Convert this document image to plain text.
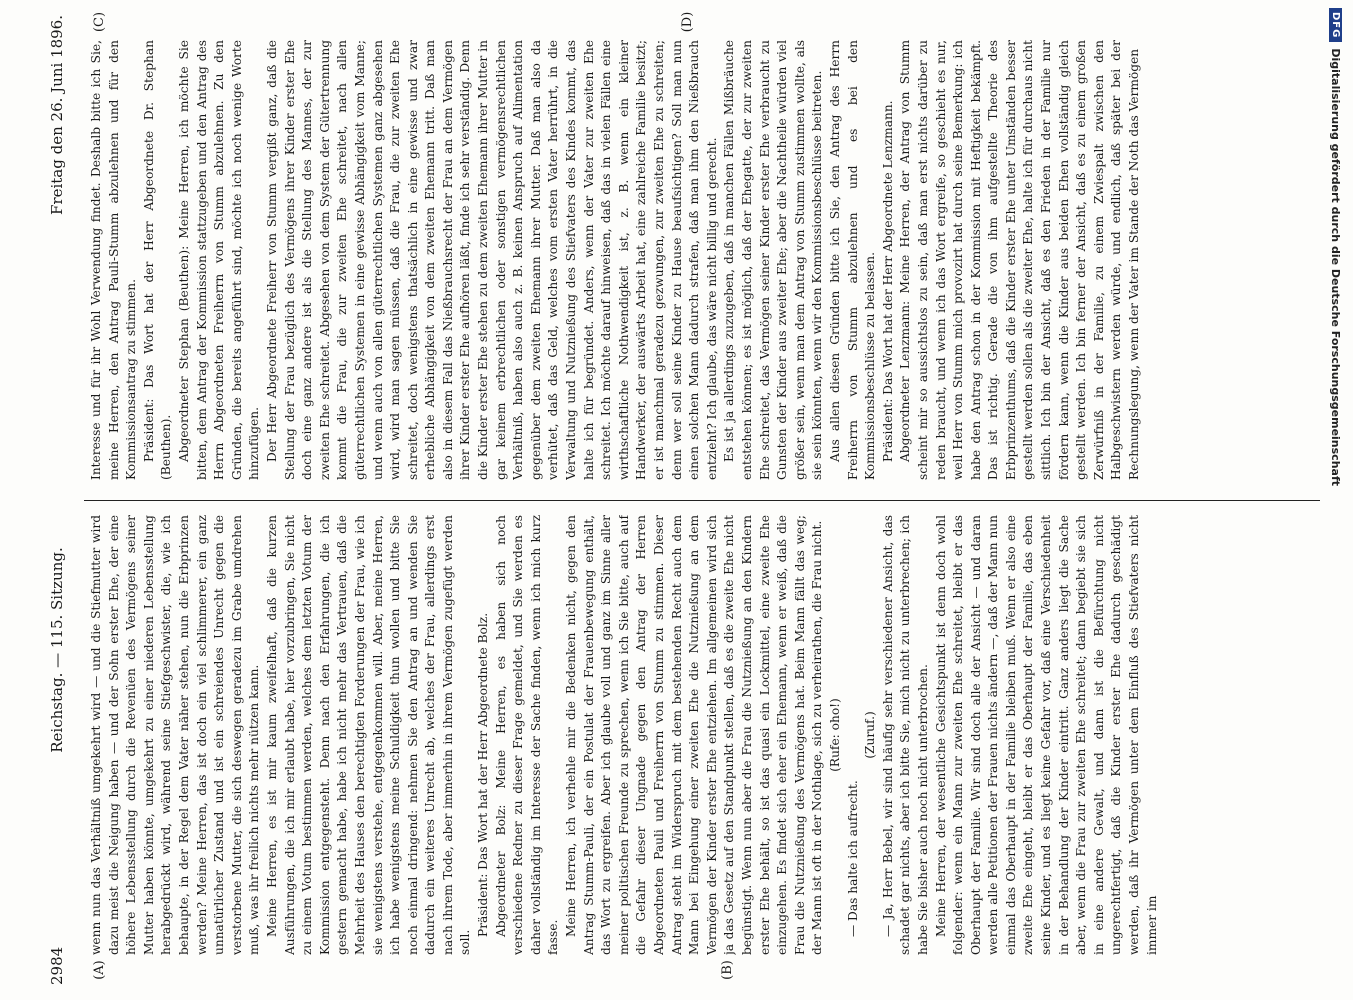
2984
Reichstag. — 115. Sitzung.
Freitag den 26. Juni 1896.
(A)	(B)
(C)	(D)

wenn nun das Verhältniß umgekehrt wird — und die Stiefmutter wird dazu meist die Neigung haben — und der Sohn erster Ehe, der eine höhere Lebensstellung durch die Revenüen des Vermögens seiner Mutter haben könnte, umgekehrt zu einer niederen Lebensstellung herabgedrückt wird, während seine Stiefgeschwister, die, wie ich behaupte, in der Regel dem Vater näher stehen, nun die Erbprinzen werden? Meine Herren, das ist doch ein viel schlimmerer, ein ganz unnatürlicher Zustand und ist ein schreiendes Unrecht gegen die verstorbene Mutter, die sich deswegen geradezu im Grabe umdrehen muß, was ihr freilich nichts mehr nützen kann. Meine Herren, es ist mir kaum zweifelhaft, daß die kurzen Ausführungen, die ich mir erlaubt habe, hier vorzubringen, Sie nicht zu einem Votum bestimmen werden, welches dem letzten Votum der Kommission entgegensteht. Denn nach den Erfahrungen, die ich gestern gemacht habe, habe ich nicht mehr das Vertrauen, daß die Mehrheit des Hauses den berechtigten Forderungen der Frau, wie ich sie wenigstens verstehe, entgegenkommen will. Aber, meine Herren, ich habe wenigstens meine Schuldigkeit thun wollen und bitte Sie noch einmal dringend: nehmen Sie den Antrag an und wenden Sie dadurch ein weiteres Unrecht ab, welches der Frau, allerdings erst nach ihrem Tode, aber immerhin in ihrem Vermögen zugefügt werden soll.

Präsident: Das Wort hat der Herr Abgeordnete Bolz. Abgeordneter Bolz: Meine Herren, es haben sich noch verschiedene Redner zu dieser Frage gemeldet, und Sie werden es daher vollständig im Interesse der Sache finden, wenn ich mich kurz fasse.

Meine Herren, ich verhehle mir die Bedenken nicht, gegen den Antrag Stumm-Pauli, der ein Postulat der Frauenbewegung enthält, das Wort zu ergreifen. Aber ich glaube voll und ganz im Sinne aller meiner politischen Freunde zu sprechen, wenn ich Sie bitte, auch auf die Gefahr dieser Ungnade gegen den Antrag der Herren Abgeordneten Pauli und Freiherrn von Stumm zu stimmen. Dieser Antrag steht im Widerspruch mit dem bestehenden Recht auch dem Mann bei Eingehung einer zweiten Ehe die Nutznießung an dem Vermögen der Kinder erster Ehe entziehen. Im allgemeinen wird sich ja das Gesetz auf den Standpunkt stellen, daß es die zweite Ehe nicht begünstigt. Wenn nun aber die Frau die Nutznießung an den Kindern erster Ehe behält, so ist das quasi ein Lockmittel, eine zweite Ehe einzugehen. Es findet sich eher ein Ehemann, wenn er weiß, daß die Frau die Nutznießung des Vermögens hat. Beim Mann fällt das weg; der Mann ist oft in der Nothlage, sich zu verheirathen, die Frau nicht. (Rufe: oho!)

— Das halte ich aufrecht.

(Zuruf.) — Ja, Herr Bebel, wir sind häufig sehr verschiedener Ansicht, das schadet gar nichts, aber ich bitte Sie, mich nicht zu unterbrechen; ich habe Sie bisher auch noch nicht unterbrochen. Meine Herren, der wesentliche Gesichtspunkt ist denn doch wohl folgender: wenn ein Mann zur zweiten Ehe schreitet, bleibt er das Oberhaupt der Familie. Wir sind doch alle der Ansicht — und daran werden alle Petitionen der Frauen nichts ändern —, daß der Mann nun einmal das Oberhaupt in der Familie bleiben muß. Wenn er also eine zweite Ehe eingeht, bleibt er das Oberhaupt der Familie, das eben seine Kinder, und es liegt keine Gefahr vor, daß eine Verschiedenheit in der Behandlung der Kinder eintritt. Ganz anders liegt die Sache aber, wenn die Frau zur zweiten Ehe schreitet; dann begiebt sie sich in eine andere Gewalt, und dann ist die Befürchtung nicht ungerechtfertigt, daß die Kinder erster Ehe dadurch geschädigt werden, daß ihr Vermögen unter dem Einfluß des Stiefvaters nicht immer im

Interesse und für ihr Wohl Verwendung findet. Deshalb bitte ich Sie, meine Herren, den Antrag Pauli-Stumm abzulehnen und für den Kommissionsantrag zu stimmen. Präsident: Das Wort hat der Herr Abgeordnete Dr. Stephan (Beuthen). Abgeordneter Stephan (Beuthen): Meine Herren, ich möchte Sie bitten, dem Antrag der Kommission stattzugeben und den Antrag des Herrn Abgeordneten Freiherrn von Stumm abzulehnen. Zu den Gründen, die bereits angeführt sind, möchte ich noch wenige Worte hinzufügen. Der Herr Abgeordnete Freiherr von Stumm vergißt ganz, daß die Stellung der Frau bezüglich des Vermögens ihrer Kinder erster Ehe doch eine ganz andere ist als die Stellung des Mannes, der zur zweiten Ehe schreitet. Abgesehen von dem System der Gütertrennung kommt die Frau, die zur zweiten Ehe schreitet, nach allen güterrechtlichen Systemen in eine gewisse Abhängigkeit vom Manne; und wenn auch von allen güterrechtlichen Systemen ganz abgesehen wird, wird man sagen müssen, daß die Frau, die zur zweiten Ehe schreitet, doch wenigstens thatsächlich in eine gewisse und zwar erhebliche Abhängigkeit von dem zweiten Ehemann tritt. Daß man also in diesem Fall das Nießbrauchsrecht der Frau an dem Vermögen ihrer Kinder erster Ehe aufhören läßt, finde ich sehr verständig. Denn die Kinder erster Ehe stehen zu dem zweiten Ehemann ihrer Mutter in gar keinem erbrechtlichen oder sonstigen vermögensrechtlichen Verhältniß, haben also auch z. B. keinen Anspruch auf Alimentation gegenüber dem zweiten Ehemann ihrer Mutter. Daß man also da verhütet, daß das Geld, welches vom ersten Vater herrührt, in die Verwaltung und Nutznießung des Stiefvaters des Kindes kommt, das halte ich für begründet. Anders, wenn der Vater zur zweiten Ehe schreitet. Ich möchte darauf hinweisen, daß das in vielen Fällen eine wirthschaftliche Nothwendigkeit ist, z. B. wenn ein kleiner Handwerker, der auswärts Arbeit hat, eine zahlreiche Familie besitzt; er ist manchmal geradezu gezwungen, zur zweiten Ehe zu schreiten; denn wer soll seine Kinder zu Hause beaufsichtigen? Soll man nun einen solchen Mann dadurch strafen, daß man ihm den Nießbrauch entzieht? Ich glaube, das wäre nicht billig und gerecht. Es ist ja allerdings zuzugeben, daß in manchen Fällen Mißbräuche entstehen können; es ist möglich, daß der Ehegatte, der zur zweiten Ehe schreitet, das Vermögen seiner Kinder erster Ehe verbraucht zu Gunsten der Kinder aus zweiter Ehe; aber die Nachtheile würden viel größer sein, wenn man dem Antrag von Stumm zustimmen wollte, als sie sein könnten, wenn wir den Kommissionsbeschlüsse beitreten. Aus allen diesen Gründen bitte ich Sie, den Antrag des Herrn Freiherrn von Stumm abzulehnen und es bei den Kommissionsbeschlüsse zu belassen. Präsident: Das Wort hat der Herr Abgeordnete Lenzmann. Abgeordneter Lenzmann: Meine Herren, der Antrag von Stumm scheint mir so aussichtslos zu sein, daß man erst nichts darüber zu reden braucht, und wenn ich das Wort ergreife, so geschieht es nur, weil Herr von Stumm mich provozirt hat durch seine Bemerkung: ich habe den Antrag schon in der Kommission mit Heftigkeit bekämpft. Das ist richtig. Gerade die von ihm aufgestellte Theorie des Erbprinzenthums, daß die Kinder erster Ehe unter Umständen besser gestellt werden sollen als die zweiter Ehe, halte ich für durchaus nicht sittlich. Ich bin der Ansicht, daß es den Frieden in der Familie nur fördern kann, wenn die Kinder aus beiden Ehen vollständig gleich gestellt werden. Ich bin ferner der Ansicht, daß es zu einem großen Zerwürfniß in der Familie, zu einem Zwiespalt zwischen den Halbgeschwistern werden würde, und endlich, daß später bei der Rechnungslegung, wenn der Vater im Stande der Noth das Vermögen

DFG
Digitalisierung gefördert durch die Deutsche Forschungsgemeinschaft
